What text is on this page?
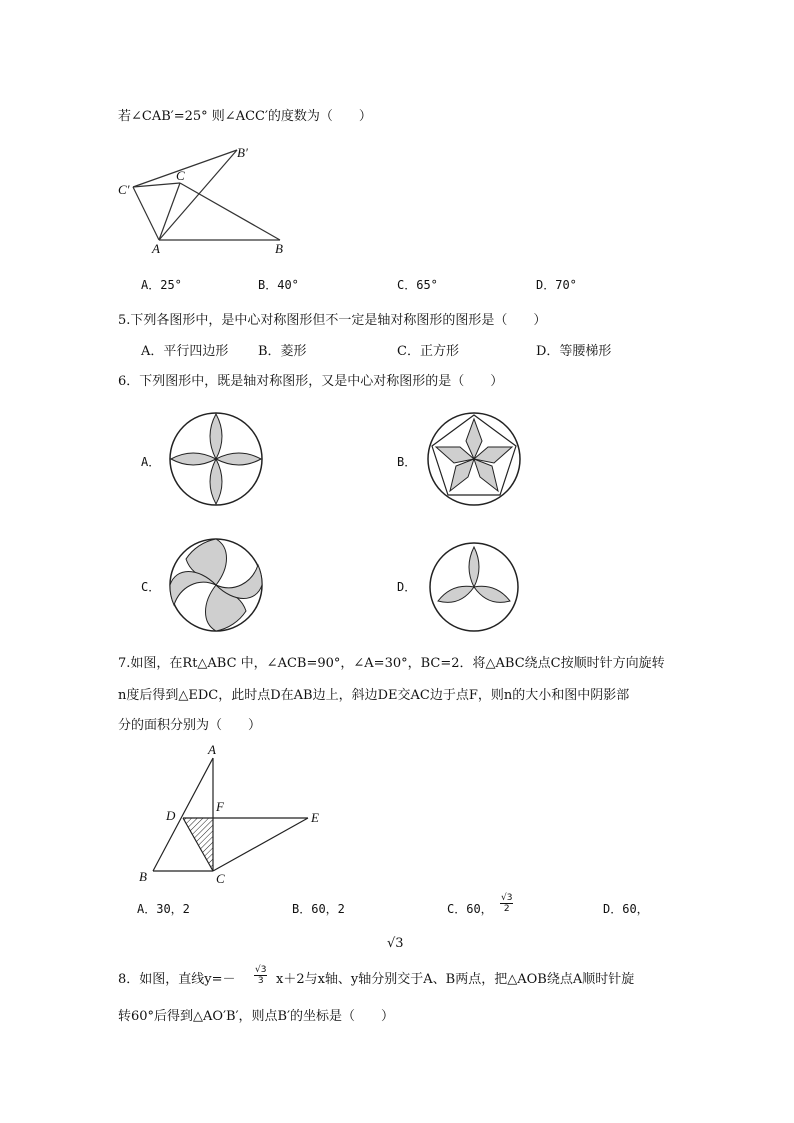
若∠CAB′=25° 则∠ACC′的度数为（　　）
A	B
C
B′
C′
A．25°	B．40°	C．65°	D．70°
5.下列各图形中，是中心对称图形但不一定是轴对称图形的图形是（　　）
A．平行四边形 B．菱形	C．正方形	D．等腰梯形
6．下列图形中，既是轴对称图形，又是中心对称图形的是（　　）
A．	B．
C．	D．
7.如图，在Rt△ABC 中，∠ACB=90°，∠A=30°，BC=2．将△ABC绕点C按顺时针方向旋转
n度后得到△EDC，此时点D在AB边上，斜边DE交AC边于点F，则n的大小和图中阴影部
分的面积分别为（　　）
A
B	C
D	E
F
A．30，2	B．60，2	C．60， $\frac{√3}{2}$	D．60，
√3
8．如图，直线$y=- \frac{√3}{3} x+2$与x轴、y轴分别交于A、B两点，把△AOB绕点A顺时针旋
转60°后得到△AO′B′，则点B′的坐标是（　　）
